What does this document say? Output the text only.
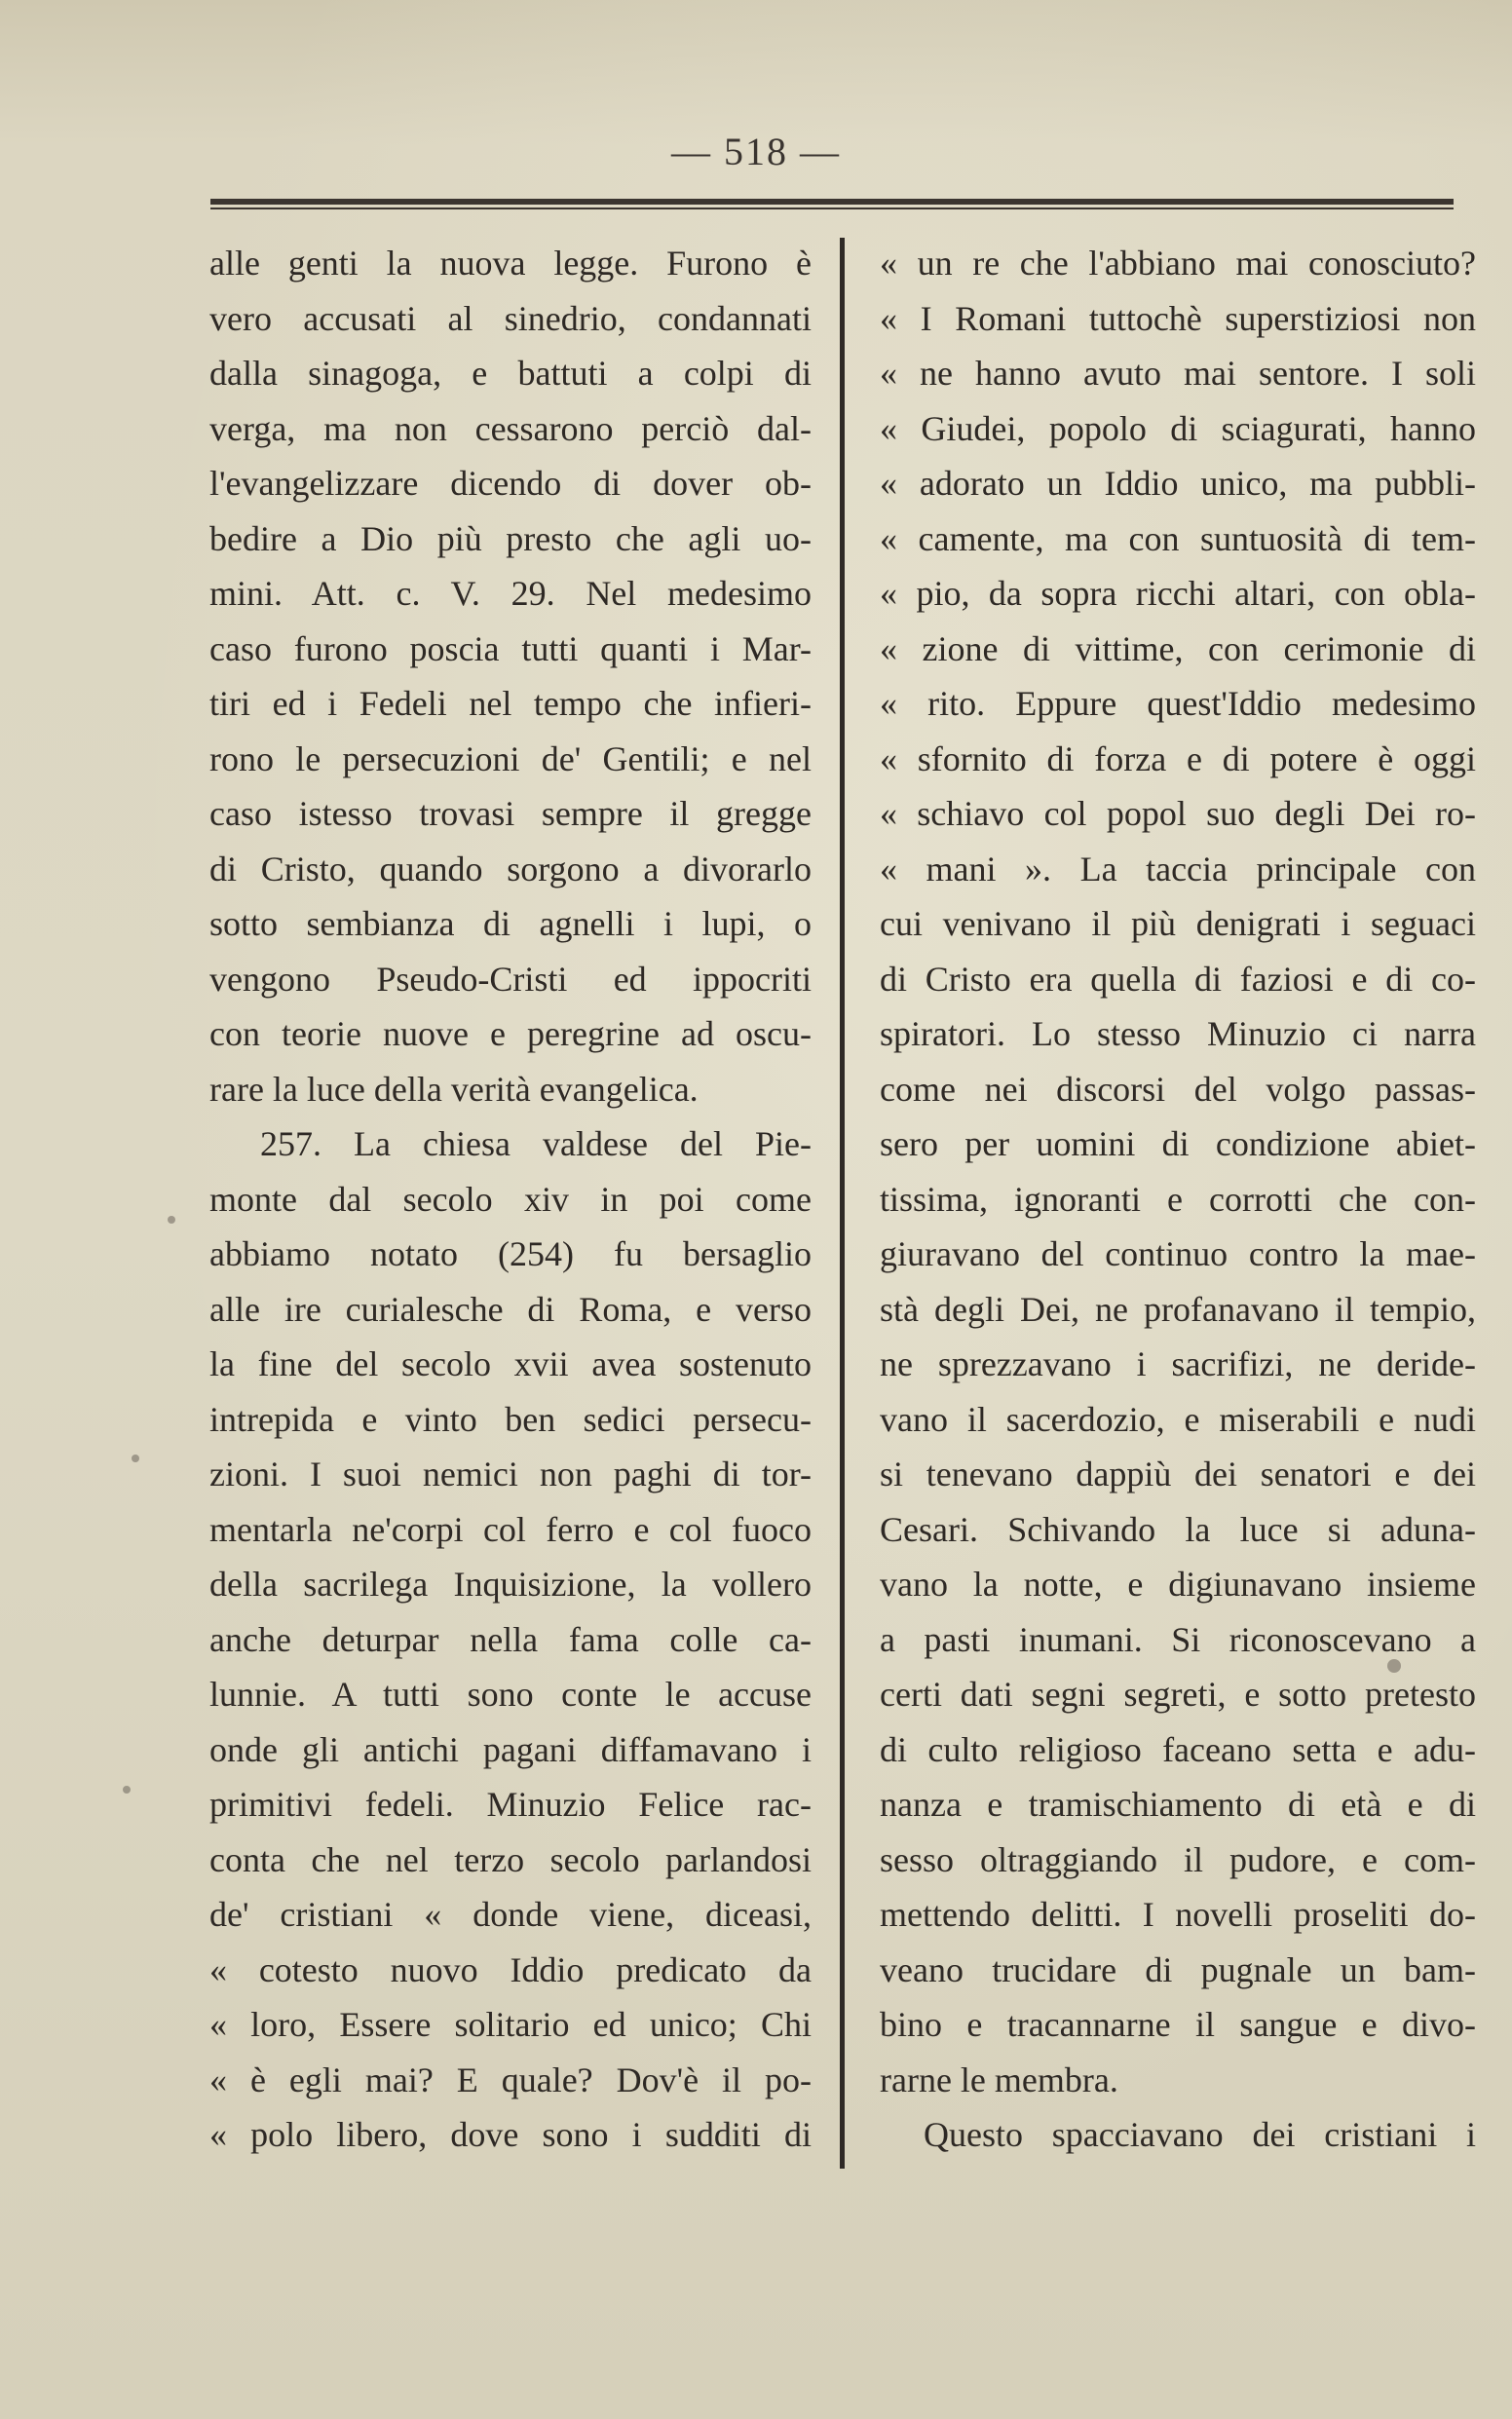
— 518 —
alle genti la nuova legge. Furono è
vero accusati al sinedrio, condannati
dalla sinagoga, e battuti a colpi di
verga, ma non cessarono perciò dal-
l'evangelizzare dicendo di dover ob-
bedire a Dio più presto che agli uo-
mini. Att. c. V. 29. Nel medesimo
caso furono poscia tutti quanti i Mar-
tiri ed i Fedeli nel tempo che infieri-
rono le persecuzioni de' Gentili; e nel
caso istesso trovasi sempre il gregge
di Cristo, quando sorgono a divorarlo
sotto sembianza di agnelli i lupi, o
vengono Pseudo-Cristi ed ippocriti
con teorie nuove e peregrine ad oscu-
rare la luce della verità evangelica.
257. La chiesa valdese del Pie-
monte dal secolo xiv in poi come
abbiamo notato (254) fu bersaglio
alle ire curialesche di Roma, e verso
la fine del secolo xvii avea sostenuto
intrepida e vinto ben sedici persecu-
zioni. I suoi nemici non paghi di tor-
mentarla ne'corpi col ferro e col fuoco
della sacrilega Inquisizione, la vollero
anche deturpar nella fama colle ca-
lunnie. A tutti sono conte le accuse
onde gli antichi pagani diffamavano i
primitivi fedeli. Minuzio Felice rac-
conta che nel terzo secolo parlandosi
de' cristiani « donde viene, diceasi,
« cotesto nuovo Iddio predicato da
« loro, Essere solitario ed unico; Chi
« è egli mai? E quale? Dov'è il po-
« polo libero, dove sono i sudditi di
« un re che l'abbiano mai conosciuto?
« I Romani tuttochè superstiziosi non
« ne hanno avuto mai sentore. I soli
« Giudei, popolo di sciagurati, hanno
« adorato un Iddio unico, ma pubbli-
« camente, ma con suntuosità di tem-
« pio, da sopra ricchi altari, con obla-
« zione di vittime, con cerimonie di
« rito. Eppure quest'Iddio medesimo
« sfornito di forza e di potere è oggi
« schiavo col popol suo degli Dei ro-
« mani ». La taccia principale con
cui venivano il più denigrati i seguaci
di Cristo era quella di faziosi e di co-
spiratori. Lo stesso Minuzio ci narra
come nei discorsi del volgo passas-
sero per uomini di condizione abiet-
tissima, ignoranti e corrotti che con-
giuravano del continuo contro la mae-
stà degli Dei, ne profanavano il tempio,
ne sprezzavano i sacrifizi, ne deride-
vano il sacerdozio, e miserabili e nudi
si tenevano dappiù dei senatori e dei
Cesari. Schivando la luce si aduna-
vano la notte, e digiunavano insieme
a pasti inumani. Si riconoscevano a
certi dati segni segreti, e sotto pretesto
di culto religioso faceano setta e adu-
nanza e tramischiamento di età e di
sesso oltraggiando il pudore, e com-
mettendo delitti. I novelli proseliti do-
veano trucidare di pugnale un bam-
bino e tracannarne il sangue e divo-
rarne le membra.
Questo spacciavano dei cristiani i
